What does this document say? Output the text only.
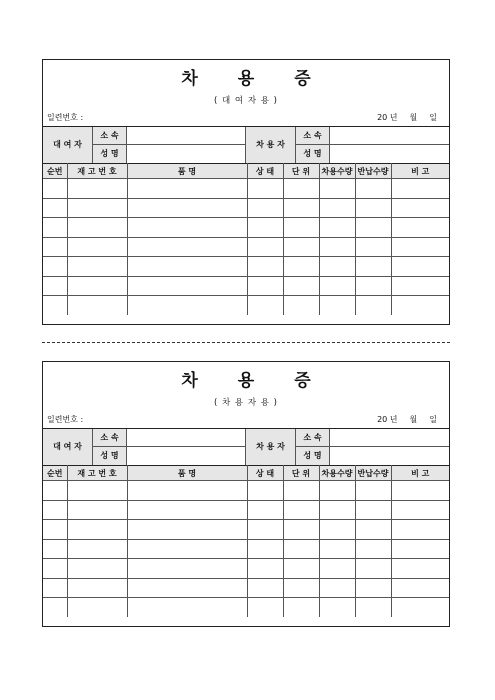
차 용 증
( 대 여 자 용 )
일련번호 :	20 년 월 일
대 여 자
소 속
성 명
차 용 자
소 속
성 명
순번	재 고 번 호	품 명	상 태	단 위	차용수량	반납수량	비 고

차 용 증
( 차 용 자 용 )
일련번호 :	20 년 월 일
대 여 자
소 속
성 명
차 용 자
소 속
성 명
순번	재 고 번 호	품 명	상 태	단 위	차용수량	반납수량	비 고
